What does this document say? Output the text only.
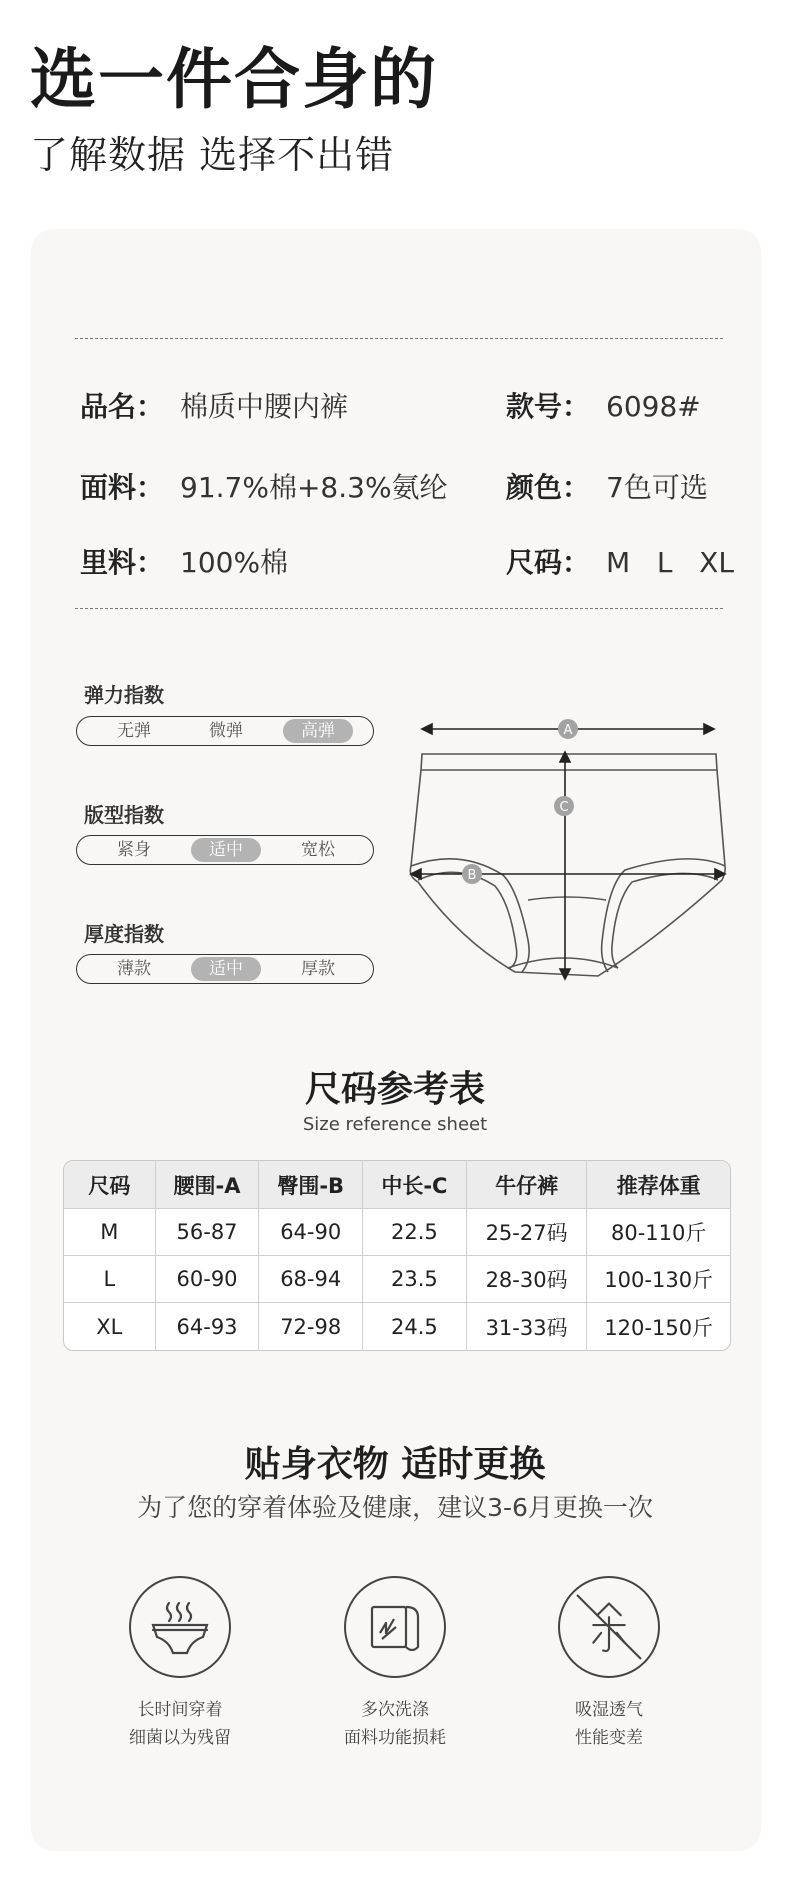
选一件合身的
了解数据 选择不出错
品名： 棉质中腰内裤	款号： 6098#
面料： 91.7%棉+8.3%氨纶 颜色： 7色可选
里料： 100%棉	尺码： M   L   XL
弹力指数
无弹	微弹	高弹
版型指数
紧身	适中	宽松
厚度指数
薄款	适中	厚款
A
C
B
尺码参考表
Size reference sheet
尺码	腰围-A	臀围-B	中长-C	牛仔裤	推荐体重
M	56-87	64-90	22.5	25-27码	80-110斤
L	60-90	68-94	23.5	28-30码	100-130斤
XL	64-93	72-98	24.5	31-33码	120-150斤
贴身衣物 适时更换
为了您的穿着体验及健康，建议3-6月更换一次
长时间穿着
细菌以为残留
多次洗涤
面料功能损耗
吸湿透气
性能变差
